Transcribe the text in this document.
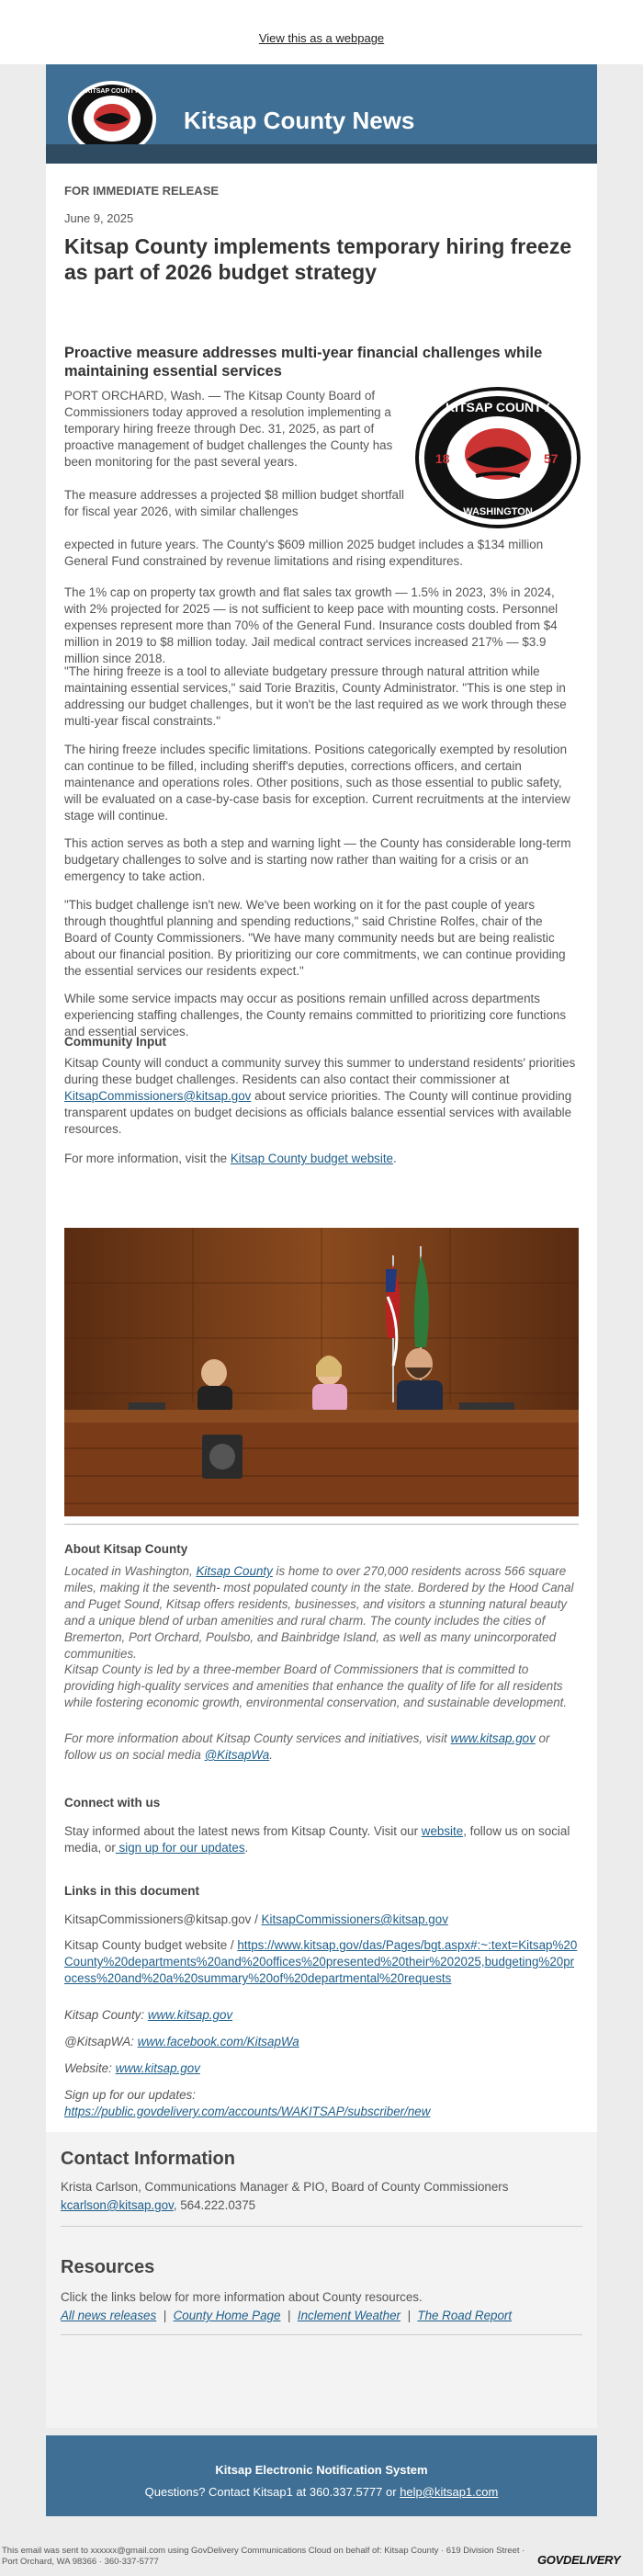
View this as a webpage
KITSAP COUNTY
Kitsap County News
FOR IMMEDIATE RELEASE
June 9, 2025
Kitsap County implements temporary hiring freeze as part of 2026 budget strategy
Proactive measure addresses multi-year financial challenges while maintaining essential services
KITSAP COUNTY
WASHINGTON
18	57

PORT ORCHARD, Wash. — The Kitsap County Board of Commissioners today approved a resolution implementing a temporary hiring freeze through Dec. 31, 2025, as part of proactive management of budget challenges the County has been monitoring for the past several years.

The measure addresses a projected $8 million budget shortfall for fiscal year 2026, with similar challenges

expected in future years. The County's $609 million 2025 budget includes a $134 million General Fund constrained by revenue limitations and rising expenditures.

The 1% cap on property tax growth and flat sales tax growth — 1.5% in 2023, 3% in 2024, with 2% projected for 2025 — is not sufficient to keep pace with mounting costs. Personnel expenses represent more than 70% of the General Fund. Insurance costs doubled from $4 million in 2019 to $8 million today. Jail medical contract services increased 217% — $3.9 million since 2018.

"The hiring freeze is a tool to alleviate budgetary pressure through natural attrition while maintaining essential services," said Torie Brazitis, County Administrator. "This is one step in addressing our budget challenges, but it won't be the last required as we work through these multi-year fiscal constraints."

The hiring freeze includes specific limitations. Positions categorically exempted by resolution can continue to be filled, including sheriff's deputies, corrections officers, and certain maintenance and operations roles. Other positions, such as those essential to public safety, will be evaluated on a case-by-case basis for exception. Current recruitments at the interview stage will continue.

This action serves as both a step and warning light — the County has considerable long-term budgetary challenges to solve and is starting now rather than waiting for a crisis or an emergency to take action.

"This budget challenge isn't new. We've been working on it for the past couple of years through thoughtful planning and spending reductions," said Christine Rolfes, chair of the Board of County Commissioners. "We have many community needs but are being realistic about our financial position. By prioritizing our core commitments, we can continue providing the essential services our residents expect."

While some service impacts may occur as positions remain unfilled across departments experiencing staffing challenges, the County remains committed to prioritizing core functions and essential services.

Community Input

Kitsap County will conduct a community survey this summer to understand residents' priorities during these budget challenges. Residents can also contact their commissioner at KitsapCommissioners@kitsap.gov about service priorities. The County will continue providing transparent updates on budget decisions as officials balance essential services with available resources.

For more information, visit the Kitsap County budget website.

About Kitsap County
Located in Washington, Kitsap County is home to over 270,000 residents across 566 square miles, making it the seventh- most populated county in the state. Bordered by the Hood Canal and Puget Sound, Kitsap offers residents, businesses, and visitors a stunning natural beauty and a unique blend of urban amenities and rural charm. The county includes the cities of Bremerton, Port Orchard, Poulsbo, and Bainbridge Island, as well as many unincorporated communities.
Kitsap County is led by a three-member Board of Commissioners that is committed to providing high-quality services and amenities that enhance the quality of life for all residents while fostering economic growth, environmental conservation, and sustainable development.
For more information about Kitsap County services and initiatives, visit www.kitsap.gov or follow us on social media @KitsapWa.
Connect with us
Stay informed about the latest news from Kitsap County. Visit our website, follow us on social media, or sign up for our updates.
Links in this document
KitsapCommissioners@kitsap.gov / KitsapCommissioners@kitsap.gov
Kitsap County budget website / https://www.kitsap.gov/das/Pages/bgt.aspx#:~:text=Kitsap%20County%20departments%20and%20offices%20presented%20their%202025,budgeting%20process%20and%20a%20summary%20of%20departmental%20requests
Kitsap County: www.kitsap.gov
@KitsapWA: www.facebook.com/KitsapWa
Website: www.kitsap.gov
Sign up for our updates:
https://public.govdelivery.com/accounts/WAKITSAP/subscriber/new
Contact Information
Krista Carlson, Communications Manager & PIO, Board of County Commissioners
kcarlson@kitsap.gov, 564.222.0375
Resources
Click the links below for more information about County resources.
All news releases | County Home Page | Inclement Weather | The Road Report
Kitsap Electronic Notification System
Questions? Contact Kitsap1 at 360.337.5777 or help@kitsap1.com
This email was sent to xxxxxx@gmail.com using GovDelivery Communications Cloud on behalf of: Kitsap County · 619 Division Street · Port Orchard, WA 98366 · 360-337-5777	GOVDELIVERY
